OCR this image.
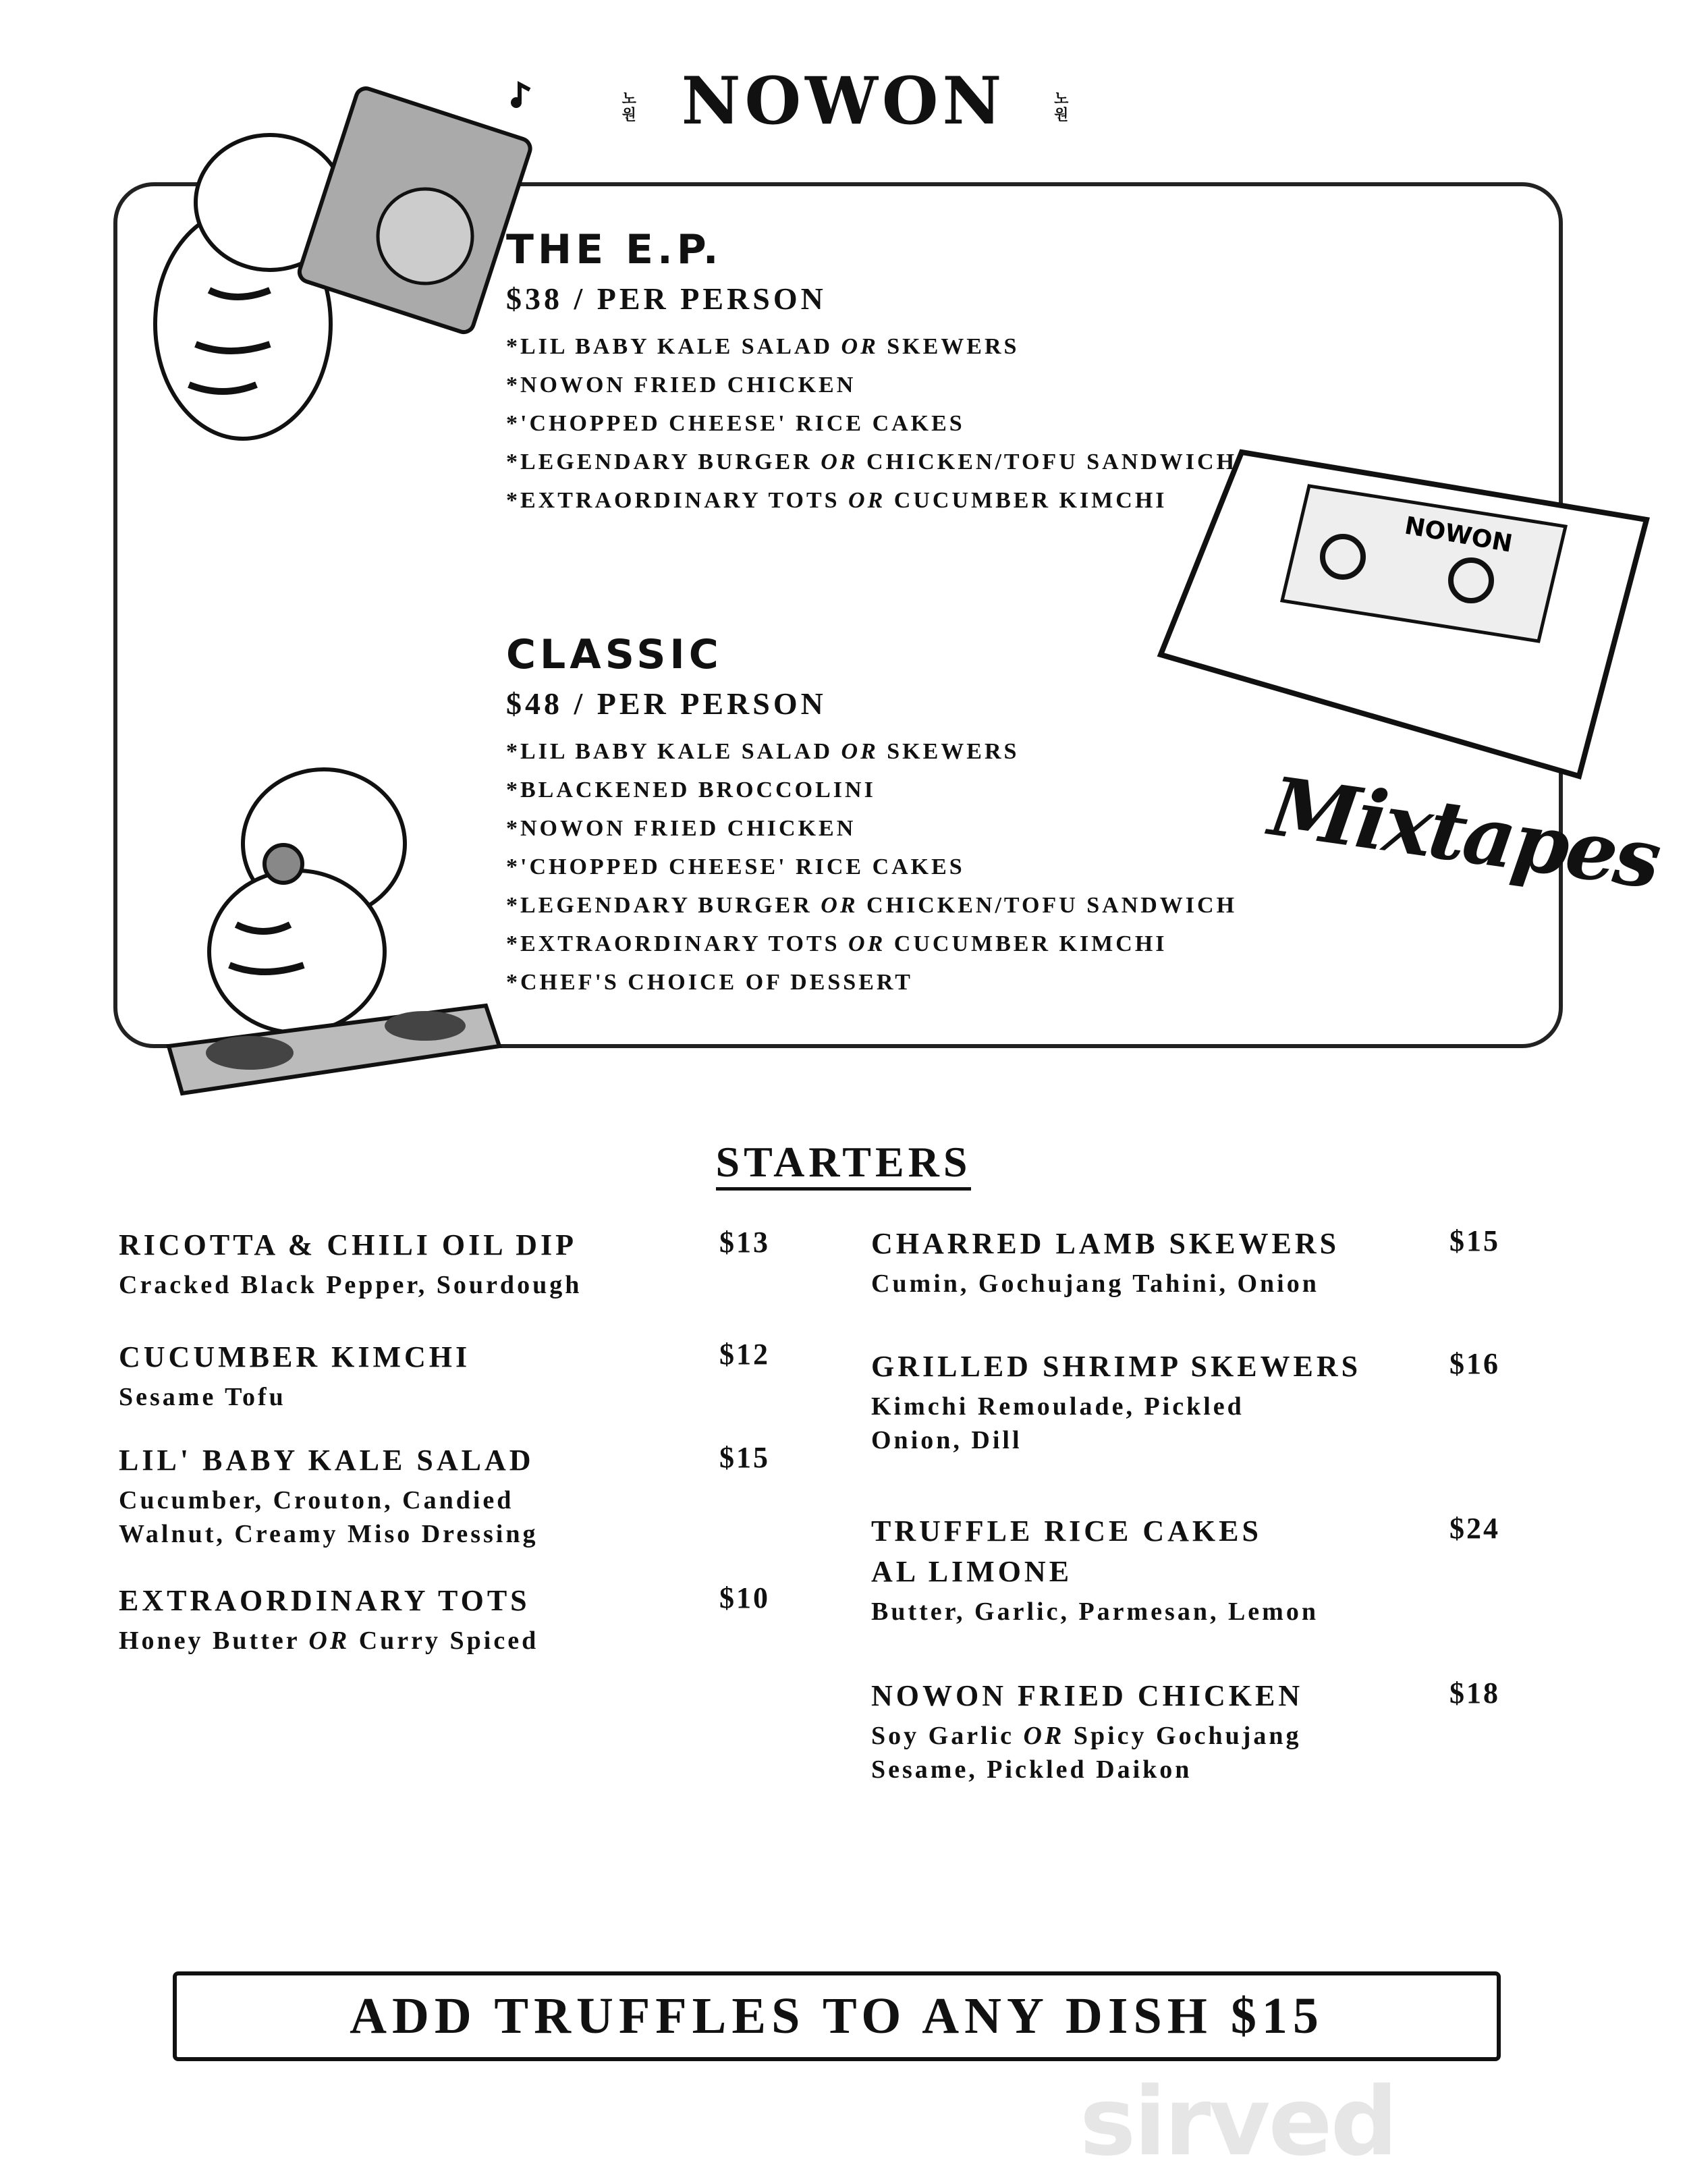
sirved
노원 NOWON	노원
NOWON
Mixtapes
THE E.P.
$38 / PER PERSON
*LIL BABY KALE SALAD OR SKEWERS
*NOWON FRIED CHICKEN
*'CHOPPED CHEESE' RICE CAKES
*LEGENDARY BURGER OR CHICKEN/TOFU SANDWICH
*EXTRAORDINARY TOTS OR CUCUMBER KIMCHI
CLASSIC
$48 / PER PERSON
*LIL BABY KALE SALAD OR SKEWERS
*BLACKENED BROCCOLINI
*NOWON FRIED CHICKEN
*'CHOPPED CHEESE' RICE CAKES
*LEGENDARY BURGER OR CHICKEN/TOFU SANDWICH
*EXTRAORDINARY TOTS OR CUCUMBER KIMCHI
*CHEF'S CHOICE OF DESSERT
STARTERS
RICOTTA & CHILI OIL DIP
Cracked Black Pepper, Sourdough
$13
CUCUMBER KIMCHI
Sesame Tofu
$12
LIL' BABY KALE SALAD
Cucumber, Crouton, Candied
Walnut, Creamy Miso Dressing
$15
EXTRAORDINARY TOTS
Honey Butter OR Curry Spiced
$10
CHARRED LAMB SKEWERS
Cumin, Gochujang Tahini, Onion
$15
GRILLED SHRIMP SKEWERS
Kimchi Remoulade, Pickled
Onion, Dill
$16
TRUFFLE RICE CAKES
AL LIMONE
Butter, Garlic, Parmesan, Lemon
$24
NOWON FRIED CHICKEN
Soy Garlic OR Spicy Gochujang
Sesame, Pickled Daikon
$18
ADD TRUFFLES TO ANY DISH $15
